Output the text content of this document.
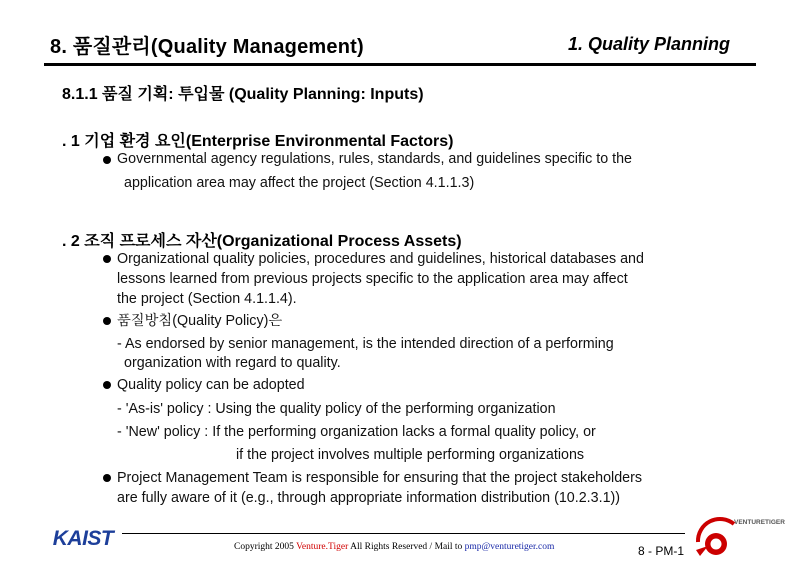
8. 품질관리(Quality Management)	1. Quality Planning
8.1.1 품질 기획: 투입물 (Quality Planning: Inputs)
. 1 기업 환경 요인(Enterprise Environmental Factors)
Governmental agency regulations, rules, standards, and guidelines specific to the
application area may affect the project (Section 4.1.1.3)
. 2 조직 프로세스 자산(Organizational Process Assets)
Organizational quality policies, procedures and guidelines, historical databases and
lessons learned from previous projects specific to the application area may affect
the project (Section 4.1.1.4).
품질방침(Quality Policy)은
- As endorsed by senior management, is the intended direction of a performing
organization with regard to quality.
Quality policy can be adopted
- 'As-is' policy : Using the quality policy of the performing organization
- 'New' policy : If the performing organization lacks a formal quality policy, or
if the project involves multiple performing organizations
Project Management Team is responsible for ensuring that the project stakeholders
are fully aware of it (e.g., through appropriate information distribution (10.2.3.1))
KAIST	Copyright 2005 Venture.Tiger All Rights Reserved / Mail to pmp@venturetiger.com	8 - PM-1
VENTURETIGER
